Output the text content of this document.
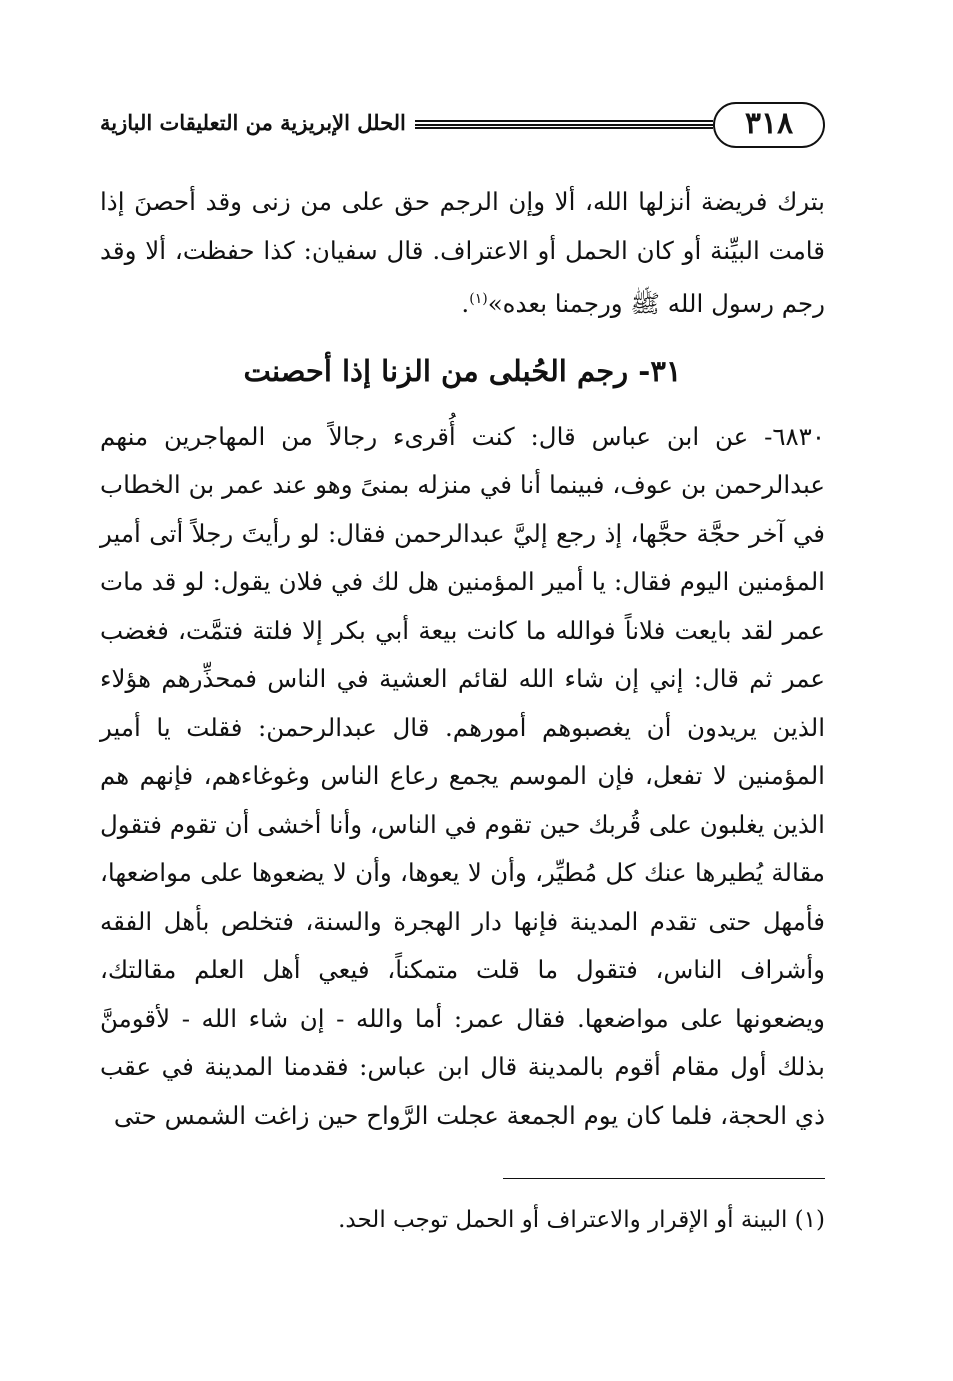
٣١٨
الحلل الإبريزية من التعليقات البازية

بترك فريضة أنزلها الله، ألا وإن الرجم حق على من زنى وقد أحصنَ إذا قامت البيِّنة أو كان الحمل أو الاعتراف. قال سفيان: كذا حفظت، ألا وقد رجم رسول الله ﷺ ورجمنا بعده»$^{(١)}$.

٣١- رجم الحُبلى من الزنا إذا أحصنت

٦٨٣٠- عن ابن عباس قال: كنت أُقرىء رجالاً من المهاجرين منهم عبدالرحمن بن عوف، فبينما أنا في منزله بمنىً وهو عند عمر بن الخطاب في آخر حجَّة حجَّها، إذ رجع إليَّ عبدالرحمن فقال: لو رأيتَ رجلاً أتى أمير المؤمنين اليوم فقال: يا أمير المؤمنين هل لك في فلان يقول: لو قد مات عمر لقد بايعت فلاناً فوالله ما كانت بيعة أبي بكر إلا فلتة فتمَّت، فغضب عمر ثم قال: إني إن شاء الله لقائم العشية في الناس فمحذِّرهم هؤلاء الذين يريدون أن يغصبوهم أمورهم. قال عبدالرحمن: فقلت يا أمير المؤمنين لا تفعل، فإن الموسم يجمع رعاع الناس وغوغاءهم، فإنهم هم الذين يغلبون على قُربك حين تقوم في الناس، وأنا أخشى أن تقوم فتقول مقالة يُطيرها عنك كل مُطيِّر، وأن لا يعوها، وأن لا يضعوها على مواضعها، فأمهل حتى تقدم المدينة فإنها دار الهجرة والسنة، فتخلص بأهل الفقه وأشراف الناس، فتقول ما قلت متمكناً، فيعي أهل العلم مقالتك، ويضعونها على مواضعها. فقال عمر: أما والله - إن شاء الله - لأقومنَّ بذلك أول مقام أقوم بالمدينة قال ابن عباس: فقدمنا المدينة في عقب ذي الحجة، فلما كان يوم الجمعة عجلت الرَّواح حين زاغت الشمس حتى

(١) البينة أو الإقرار والاعتراف أو الحمل توجب الحد.
